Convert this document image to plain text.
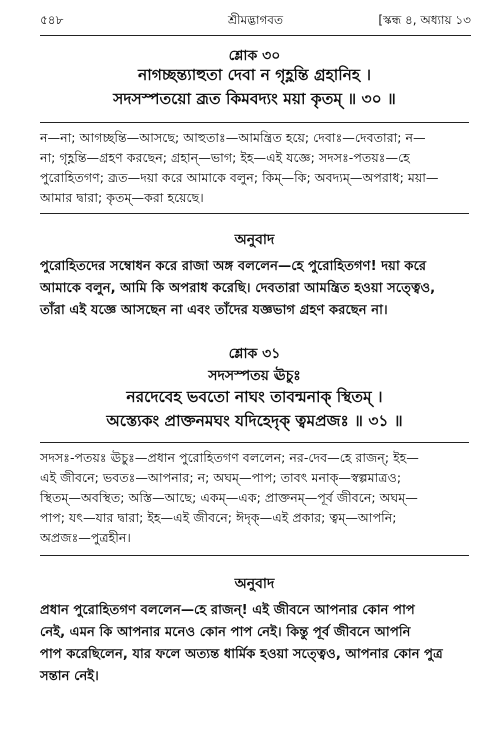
৫৪৮	শ্রীমদ্ভাগবত	[স্কন্ধ ৪, অধ্যায় ১৩
শ্লোক ৩০
নাগচ্ছন্ত্যাহুতা দেবা ন গৃহ্ণন্তি গ্রহানিহ ।
সদসস্পতয়ো ব্রূত কিমবদ্যং ময়া কৃতম্‌ ॥ ৩০ ॥
ন—না; আগচ্ছন্তি—আসছে; আহুতাঃ—আমন্ত্রিত হয়ে; দেবাঃ—দেবতারা; ন—
না; গৃহ্ণন্তি—গ্রহণ করছেন; গ্রহান্‌—ভাগ; ইহ—এই যজ্ঞে; সদসঃ-পতয়ঃ—হে
পুরোহিতগণ; ব্রূত—দয়া করে আমাকে বলুন; কিম্‌—কি; অবদ্যম্‌—অপরাধ; ময়া—
আমার দ্বারা; কৃতম্‌—করা হয়েছে।
অনুবাদ
পুরোহিতদের সম্বোধন করে রাজা অঙ্গ বললেন—হে পুরোহিতগণ! দয়া করে
আমাকে বলুন, আমি কি অপরাধ করেছি। দেবতারা আমন্ত্রিত হওয়া সত্ত্বেও,
তাঁরা এই যজ্ঞে আসছেন না এবং তাঁদের যজ্ঞভাগ গ্রহণ করছেন না।
শ্লোক ৩১
সদসস্পতয় ঊচুঃ
নরদেবেহ ভবতো নাঘং তাবন্মনাক্‌ স্থিতম্‌ ।
অস্ত্যেকং প্রাক্তনমঘং যদিহেদৃক্‌ ত্বমপ্রজঃ ॥ ৩১ ॥
সদসঃ-পতয়ঃ ঊচুঃ—প্রধান পুরোহিতগণ বললেন; নর-দেব—হে রাজন্‌; ইহ—
এই জীবনে; ভবতঃ—আপনার; ন; অঘম্‌—পাপ; তাবৎ মনাক্‌—স্বল্পমাত্রও;
স্থিতম্‌—অবস্থিত; অস্তি—আছে; একম্‌—এক; প্রাক্তনম্‌—পূর্ব জীবনে; অঘম্‌—
পাপ; যৎ—যার দ্বারা; ইহ—এই জীবনে; ঈদৃক্‌—এই প্রকার; ত্বম্‌—আপনি;
অপ্রজঃ—পুত্রহীন।
অনুবাদ
প্রধান পুরোহিতগণ বললেন—হে রাজন্‌! এই জীবনে আপনার কোন পাপ
নেই, এমন কি আপনার মনেও কোন পাপ নেই। কিন্তু পূর্ব জীবনে আপনি
পাপ করেছিলেন, যার ফলে অত্যন্ত ধার্মিক হওয়া সত্ত্বেও, আপনার কোন পুত্র
সন্তান নেই।
